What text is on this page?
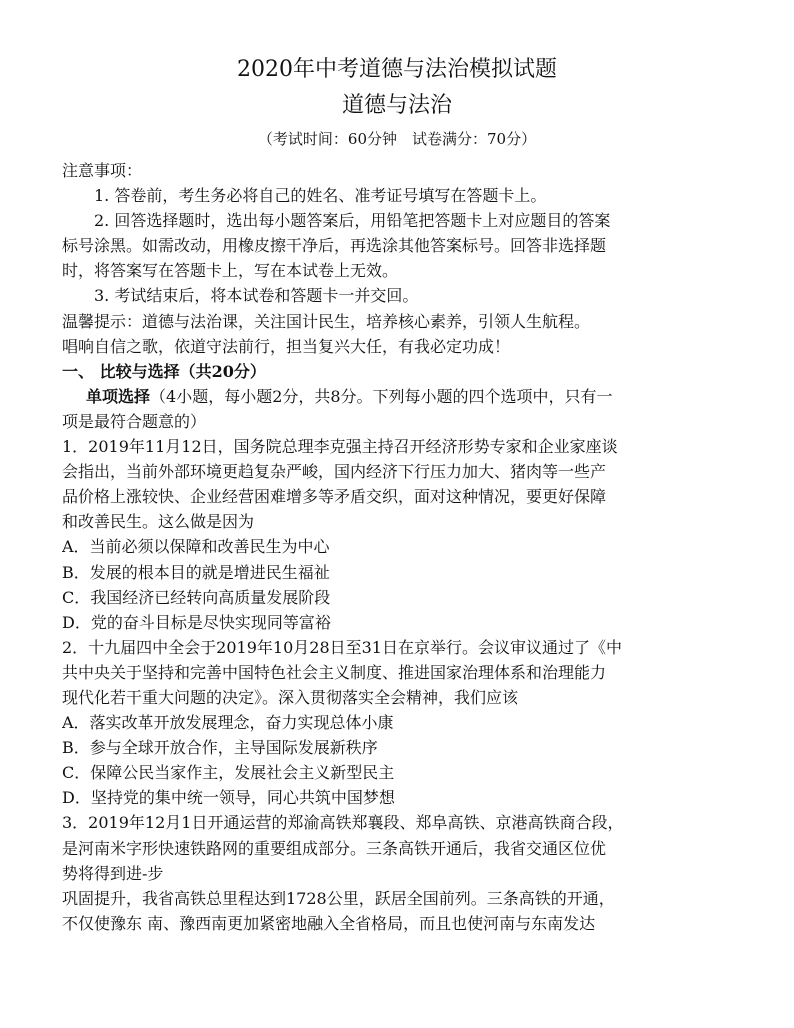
2020年中考道德与法治模拟试题
道德与法治
（考试时间：60分钟　试卷满分：70分）
注意事项：
1. 答卷前，考生务必将自己的姓名、准考证号填写在答题卡上。
2. 回答选择题时，选出每小题答案后，用铅笔把答题卡上对应题目的答案
标号涂黑。如需改动，用橡皮擦干净后，再选涂其他答案标号。回答非选择题
时，将答案写在答题卡上，写在本试卷上无效。
3. 考试结束后，将本试卷和答题卡一并交回。
温馨提示：道德与法治课，关注国计民生，培养核心素养，引领人生航程。
唱响自信之歌，依道守法前行，担当复兴大任，有我必定功成！
一、 比较与选择（共20分）
单项选择（4小题，每小题2分，共8分。下列每小题的四个选项中，只有一
项是最符合题意的）
1．2019年11月12日，国务院总理李克强主持召开经济形势专家和企业家座谈
会指出，当前外部环境更趋复杂严峻，国内经济下行压力加大、猪肉等一些产
品价格上涨较快、企业经营困难增多等矛盾交织，面对这种情况，要更好保障
和改善民生。这么做是因为
A．当前必须以保障和改善民生为中心
B．发展的根本目的就是增进民生福祉
C．我国经济已经转向高质量发展阶段
D．党的奋斗目标是尽快实现同等富裕
2．十九届四中全会于2019年10月28日至31日在京举行。会议审议通过了《中
共中央关于坚持和完善中国特色社会主义制度、推进国家治理体系和治理能力
现代化若干重大问题的决定》。深入贯彻落实全会精神，我们应该
A．落实改革开放发展理念，奋力实现总体小康
B．参与全球开放合作，主导国际发展新秩序
C．保障公民当家作主，发展社会主义新型民主
D．坚持党的集中统一领导，同心共筑中国梦想
3．2019年12月1日开通运营的郑渝高铁郑襄段、郑阜高铁、京港高铁商合段，
是河南米字形快速铁路网的重要组成部分。三条高铁开通后，我省交通区位优
势将得到进-步
巩固提升，我省高铁总里程达到1728公里，跃居全国前列。三条高铁的开通，
不仅使豫东 南、豫西南更加紧密地融入全省格局，而且也使河南与东南发达
